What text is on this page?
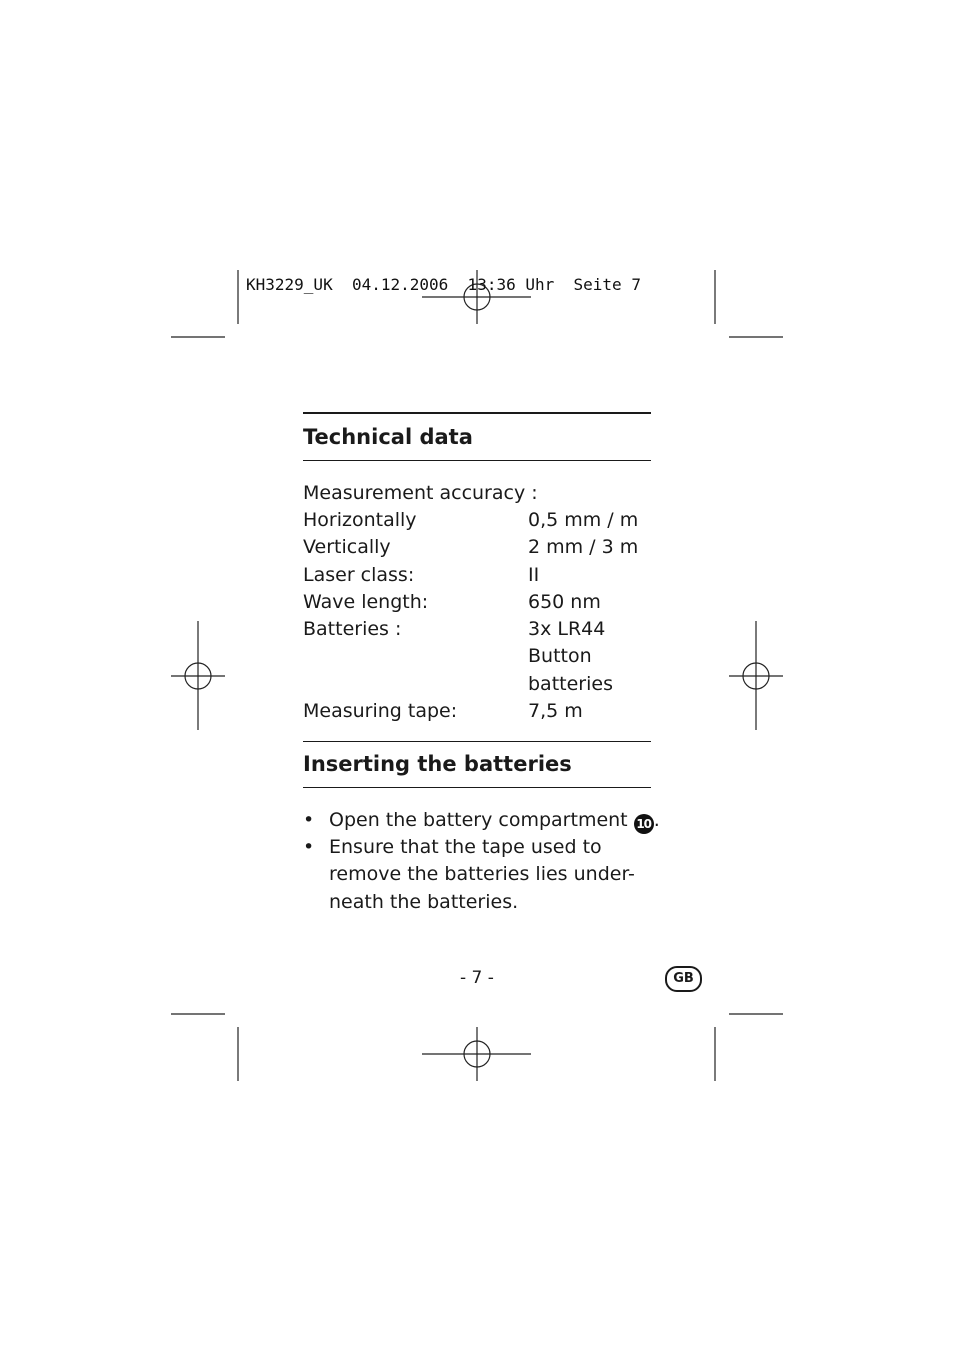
KH3229_UK  04.12.2006  13:36 Uhr  Seite 7
Technical data
Measurement accuracy :
Horizontally	0,5 mm / m
Vertically	2 mm / 3 m
Laser class:	II
Wave length:	650 nm
Batteries :	3x LR44
Button
batteries
Measuring tape:	7,5 m
Inserting the batteries
• Open the battery compartment 10 .
• Ensure that the tape used to
remove the batteries lies under-
neath the batteries.
- 7 -	GB
